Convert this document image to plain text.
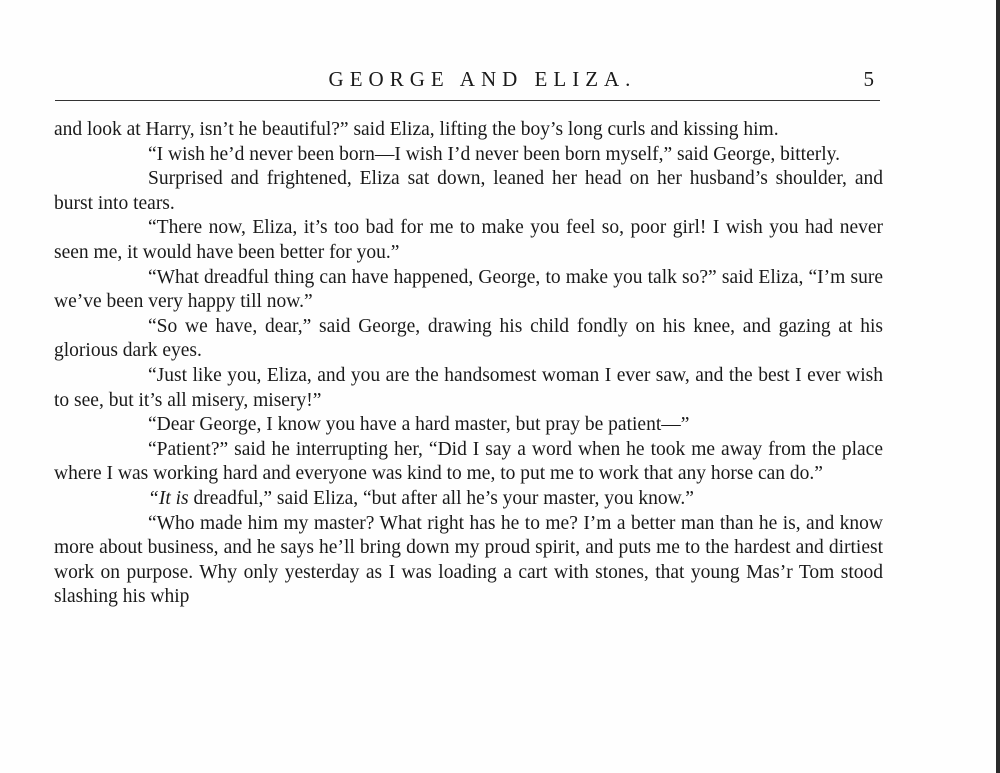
GEORGE AND ELIZA.	5

and look at Harry, isn’t he beautiful?” said Eliza, lifting the boy’s long curls and kissing him.

“I wish he’d never been born—I wish I’d never been born myself,” said George, bitterly.

Surprised and frightened, Eliza sat down, leaned her head on her husband’s shoulder, and burst into tears.

“There now, Eliza, it’s too bad for me to make you feel so, poor girl! I wish you had never seen me, it would have been better for you.”

“What dreadful thing can have happened, George, to make you talk so?” said Eliza, “I’m sure we’ve been very happy till now.”

“So we have, dear,” said George, drawing his child fondly on his knee, and gazing at his glorious dark eyes.

“Just like you, Eliza, and you are the handsomest woman I ever saw, and the best I ever wish to see, but it’s all misery, misery!”

“Dear George, I know you have a hard master, but pray be patient—”

“Patient?” said he interrupting her, “Did I say a word when he took me away from the place where I was working hard and everyone was kind to me, to put me to work that any horse can do.”

“It is dreadful,” said Eliza, “but after all he’s your master, you know.”

“Who made him my master? What right has he to me? I’m a better man than he is, and know more about business, and he says he’ll bring down my proud spirit, and puts me to the hardest and dirtiest work on purpose. Why only yesterday as I was loading a cart with stones, that young Mas’r Tom stood slashing his whip
